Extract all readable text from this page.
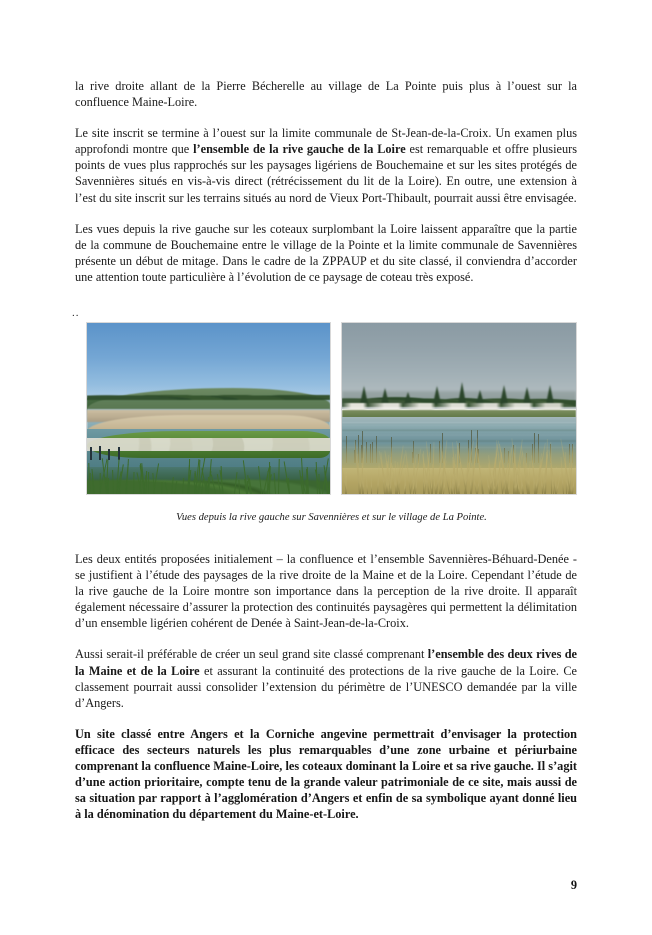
la rive droite allant de la Pierre Bécherelle au village de La Pointe puis plus à l’ouest sur la confluence Maine-Loire.

Le site inscrit se termine à l’ouest sur la limite communale de St-Jean-de-la-Croix. Un examen plus approfondi montre que l’ensemble de la rive gauche de la Loire est remarquable et offre plusieurs points de vues plus rapprochés sur les paysages ligériens de Bouchemaine et sur les sites protégés de Savennières situés en vis-à-vis direct (rétrécissement du lit de la Loire). En outre, une extension à l’est du site inscrit sur les terrains situés au nord de Vieux Port-Thibault, pourrait aussi être envisagée.

Les vues depuis la rive gauche sur les coteaux surplombant la Loire laissent apparaître que la partie de la commune de Bouchemaine entre le village de la Pointe et la limite communale de Savennières présente un début de mitage. Dans le cadre de la ZPPAUP et du site classé, il conviendra d’accorder une attention toute particulière à l’évolution de ce paysage de coteau très exposé.

..
Vues depuis la rive gauche sur Savennières et sur le village de La Pointe.

Les deux entités proposées initialement – la confluence et l’ensemble Savennières-Béhuard-Denée - se justifient à l’étude des paysages de la rive droite de la Maine et de la Loire. Cependant l’étude de la rive gauche de la Loire montre son importance dans la perception de la rive droite. Il apparaît également nécessaire d’assurer la protection des continuités paysagères qui permettent la délimitation d’un ensemble ligérien cohérent de Denée à Saint-Jean-de-la-Croix.

Aussi serait-il préférable de créer un seul grand site classé comprenant l’ensemble des deux rives de la Maine et de la Loire et assurant la continuité des protections de la rive gauche de la Loire. Ce classement pourrait aussi consolider l’extension du périmètre de l’UNESCO demandée par la ville d’Angers.

Un site classé entre Angers et la Corniche angevine permettrait d’envisager la protection efficace des secteurs naturels les plus remarquables d’une zone urbaine et périurbaine comprenant la confluence Maine-Loire, les coteaux dominant la Loire et sa rive gauche. Il s’agit d’une action prioritaire, compte tenu de la grande valeur patrimoniale de ce site, mais aussi de sa situation par rapport à l’agglomération d’Angers et enfin de sa symbolique ayant donné lieu à la dénomination du département du Maine-et-Loire.

9
